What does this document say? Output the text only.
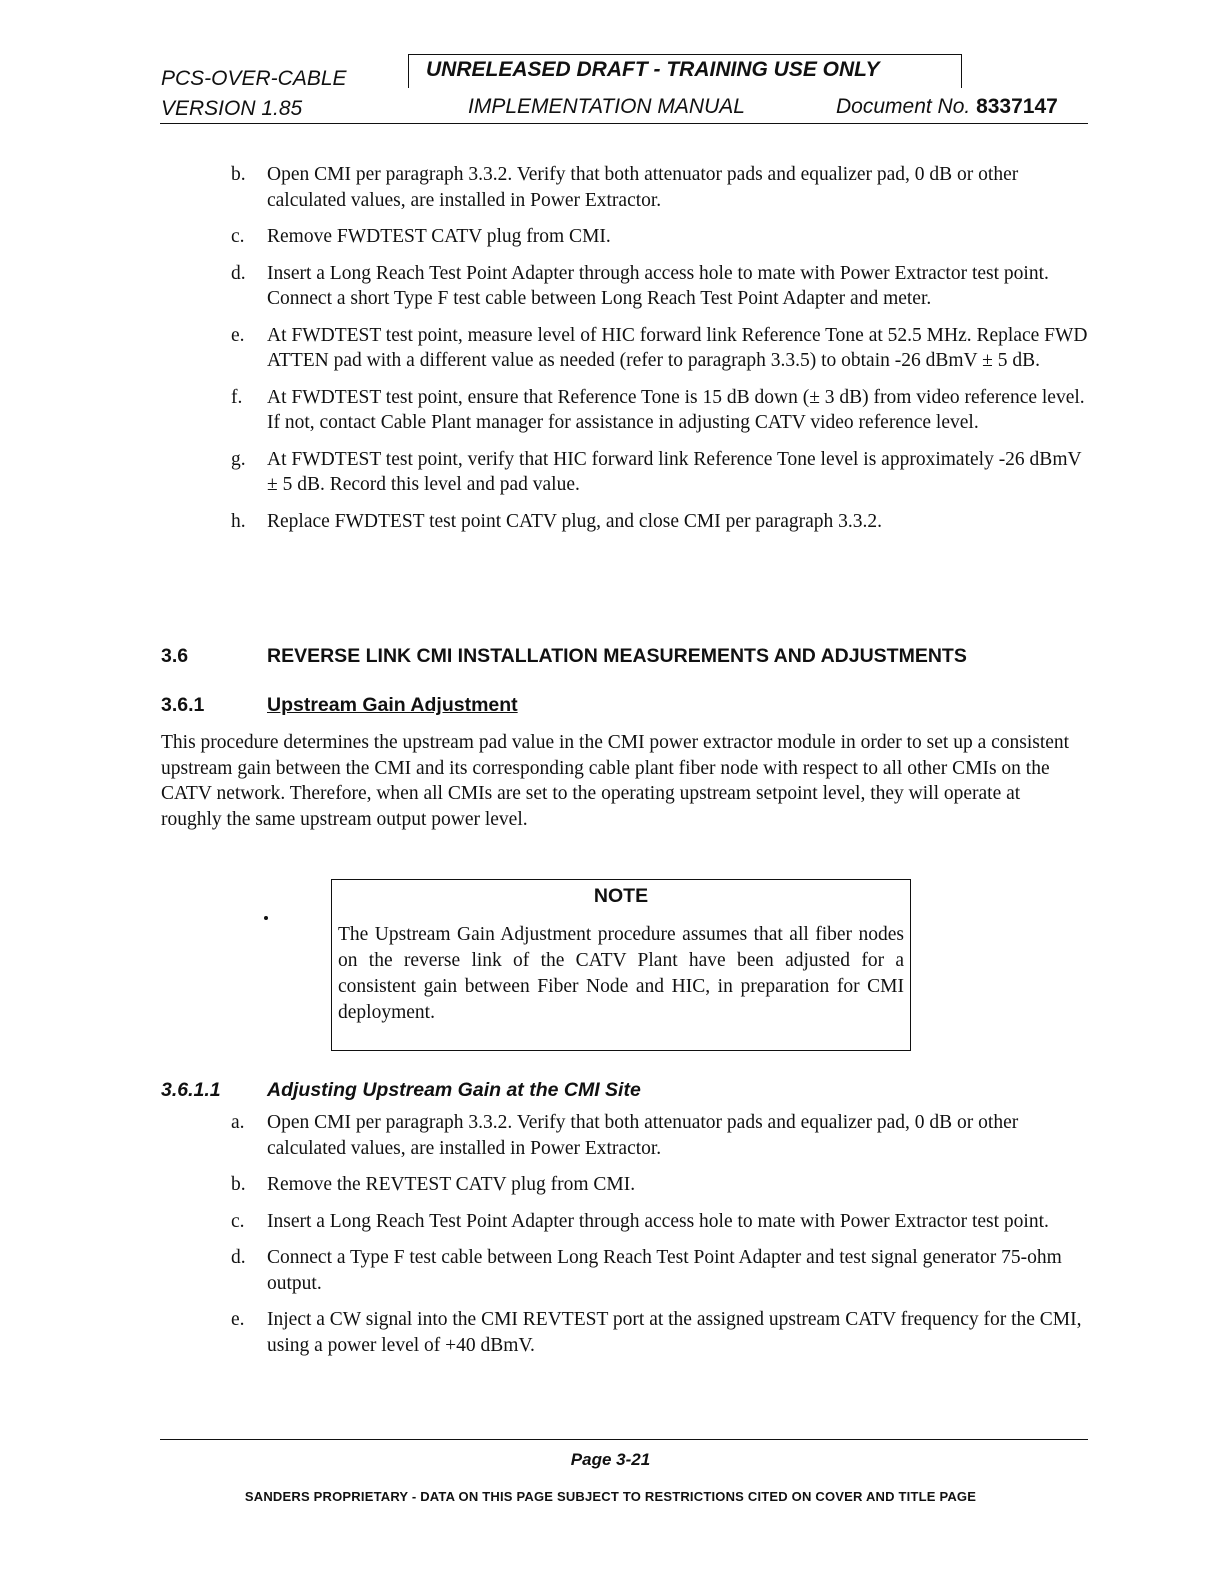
PCS-OVER-CABLE
VERSION 1.85
UNRELEASED DRAFT - TRAINING USE ONLY
IMPLEMENTATION MANUAL	Document No. 8337147
b. Open CMI per paragraph 3.3.2. Verify that both attenuator pads and equalizer pad, 0 dB or other calculated values, are installed in Power Extractor.
c. Remove FWDTEST CATV plug from CMI.
d. Insert a Long Reach Test Point Adapter through access hole to mate with Power Extractor test point. Connect a short Type F test cable between Long Reach Test Point Adapter and meter.
e. At FWDTEST test point, measure level of HIC forward link Reference Tone at 52.5 MHz. Replace FWD ATTEN pad with a different value as needed (refer to paragraph 3.3.5) to obtain -26 dBmV ± 5 dB.
f. At FWDTEST test point, ensure that Reference Tone is 15 dB down (± 3 dB) from video reference level. If not, contact Cable Plant manager for assistance in adjusting CATV video reference level.
g. At FWDTEST test point, verify that HIC forward link Reference Tone level is approximately -26 dBmV ± 5 dB. Record this level and pad value.
h. Replace FWDTEST test point CATV plug, and close CMI per paragraph 3.3.2.
3.6	REVERSE LINK CMI INSTALLATION MEASUREMENTS AND ADJUSTMENTS
3.6.1	Upstream Gain Adjustment
This procedure determines the upstream pad value in the CMI power extractor module in order to set up a consistent upstream gain between the CMI and its corresponding cable plant fiber node with respect to all other CMIs on the CATV network. Therefore, when all CMIs are set to the operating upstream setpoint level, they will operate at roughly the same upstream output power level.
NOTE
The Upstream Gain Adjustment procedure assumes that all fiber nodes on the reverse link of the CATV Plant have been adjusted for a consistent gain between Fiber Node and HIC, in preparation for CMI deployment.
3.6.1.1 Adjusting Upstream Gain at the CMI Site
a. Open CMI per paragraph 3.3.2. Verify that both attenuator pads and equalizer pad, 0 dB or other calculated values, are installed in Power Extractor.
b. Remove the REVTEST CATV plug from CMI.
c. Insert a Long Reach Test Point Adapter through access hole to mate with Power Extractor test point.
d. Connect a Type F test cable between Long Reach Test Point Adapter and test signal generator 75-ohm output.
e. Inject a CW signal into the CMI REVTEST port at the assigned upstream CATV frequency for the CMI, using a power level of +40 dBmV.
Page 3-21
SANDERS PROPRIETARY - DATA ON THIS PAGE SUBJECT TO RESTRICTIONS CITED ON COVER AND TITLE PAGE
